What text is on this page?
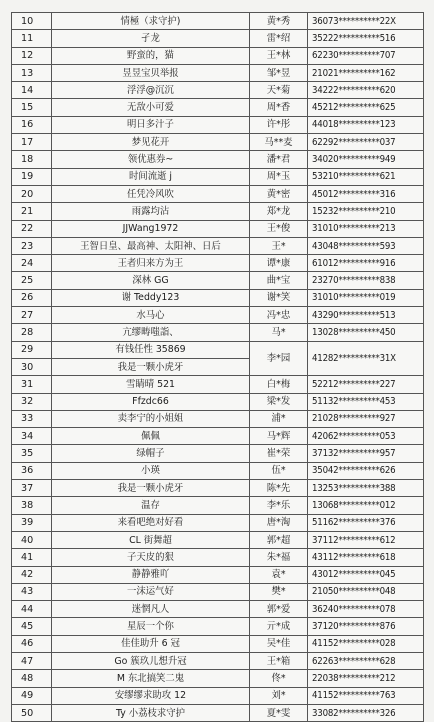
10	情極（求守护)	黄*秀	36073**********22X
11	孑龙	雷*绍	35222**********516
12	野蛮的，猫	王*林	62230**********707
13	昱昱宝贝举报	邹*昱	21021**********162
14	浮浮@沉沉	天*菊	34222**********620
15	无敌小可爱	周*香	45212**********625
16	明日多汁子	许*彤	44018**********123
17	梦见花开	马**麦	62292**********037
18	领优惠券~	潘*君	34020**********949
19	时间流逝 j	周*玉	53210**********621
20	任凭冷风吹	黄*密	45012**********316
21	雨露均沾	郑*龙	15232**********210
22	JJWang1972	王*俊	31010**********213
23	王智日皇、最高神、太阳神、日后	王*	43048**********593
24	王者归来方为王	谭*康	61012**********916
25	深林 GG	曲*宝	23270**********838
26	谢 Teddy123	谢*笑	31010**********019
27	水马心	冯*忠	43290**********513
28	亢缪畴嗤詣、	马*	13028**********450
29	有钱任性 35869	李*园	41282**********31X
30	我是一颗小虎牙		
31	雪睛晴 521	白*梅	52212**********227
32	Ffzdc66	梁*发	51132**********453
33	卖李宁的小姐姐	浦*	21028**********927
34	佩佩	马*辉	42062**********053
35	绿帽子	崔*荣	37132**********957
36	小瑛	伍*	35042**********626
37	我是一颗小虎牙	陈*先	13253**********388
38	温存	李*乐	13068**********012
39	来看吧绝对好看	唐*淘	51162**********376
40	CL 街舞超	郭*超	37112**********612
41	子天皮的狠	朱*福	43112**********618
42	静静雅吖	袁*	43012**********045
43	一沫运气好	樊*	21050**********048
44	迷惘凡人	郭*爱	36240**********078
45	星辰一个你	亓*成	37120**********876
46	佳佳助升 6 冠	吴*佳	41152**********028
47	Go 簇玖儿想升冠	王*箱	62263**********628
48	M 东北搞笑二鬼	佟*	22038**********212
49	安缪缪求助攻 12	刘*	41152**********763
50	Ty 小荔枝求守护	夏*雯	33082**********326
